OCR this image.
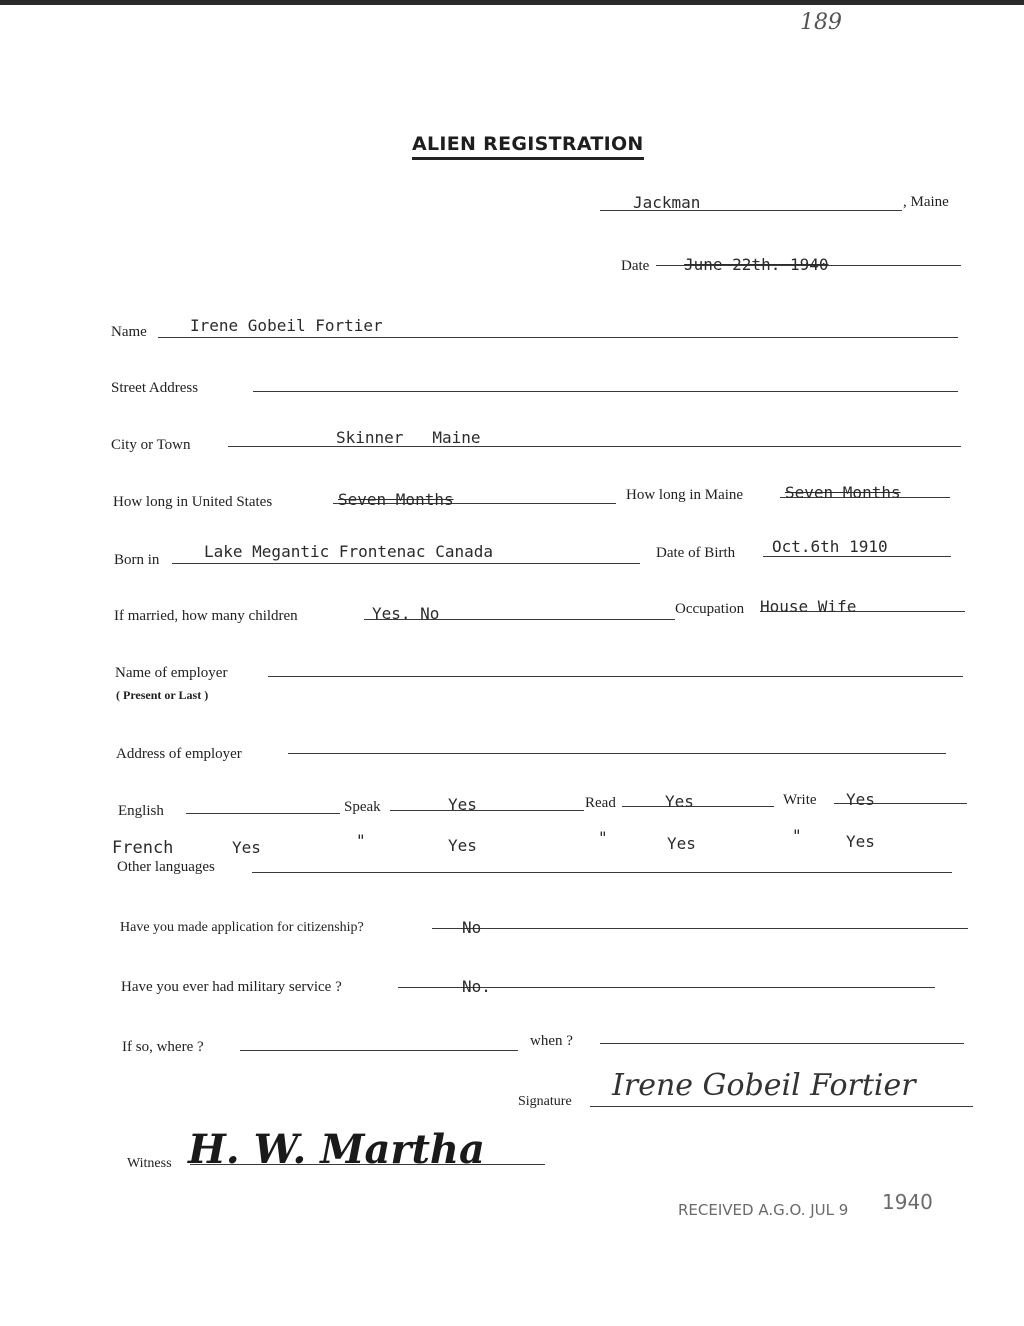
189
ALIEN REGISTRATION
Jackman	, Maine
Date June 22th. 1940
Name	Irene Gobeil Fortier
Street Address
City or Town	Skinner   Maine
How long in United States	Seven Months	How long in Maine	Seven Months
Born in	Lake Megantic Frontenac Canada	Date of Birth Oct.6th 1910
If married, how many children	Yes. No	Occupation House Wife
Name of employer
( Present or Last )
Address of employer
English	Speak	Yes	Read	Yes	Write Yes
French	Yes	"	Yes	"	Yes	"	Yes
Other languages
Have you made application for citizenship?	No
Have you ever had military service ?	No.
If so, where ?	when ?
Signature Irene Gobeil Fortier
Witness H. W. Martha
RECEIVED A.G.O. JUL 9 1940
